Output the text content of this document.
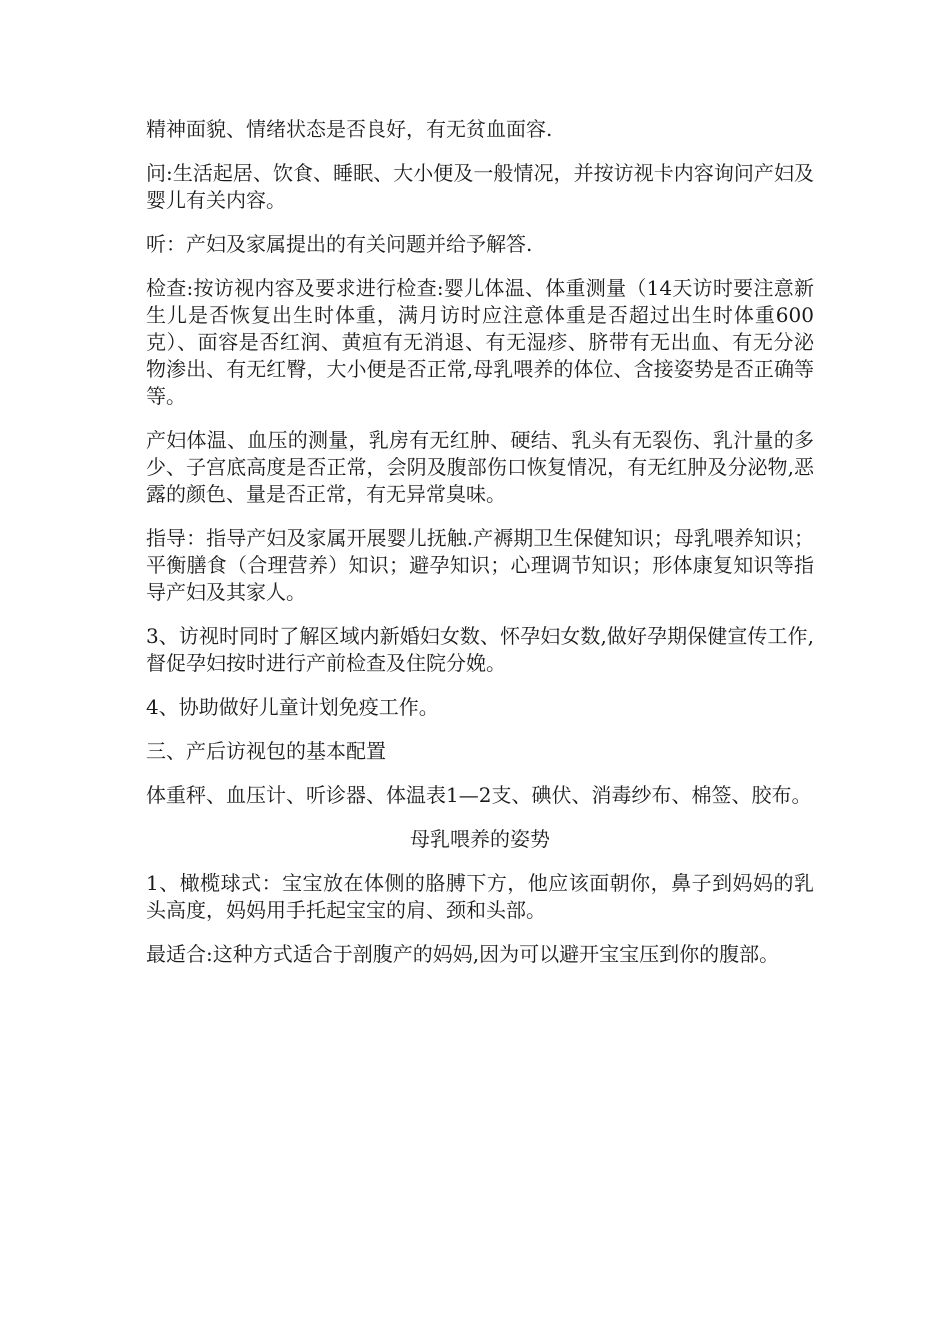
精神面貌、情绪状态是否良好，有无贫血面容.

问:生活起居、饮食、睡眠、大小便及一般情况，并按访视卡内容询问产妇及婴儿有关内容。

听：产妇及家属提出的有关问题并给予解答.

检查:按访视内容及要求进行检查:婴儿体温、体重测量（14天访时要注意新生儿是否恢复出生时体重，满月访时应注意体重是否超过出生时体重600克）、面容是否红润、黄疸有无消退、有无湿疹、脐带有无出血、有无分泌物渗出、有无红臀，大小便是否正常,母乳喂养的体位、含接姿势是否正确等等。

产妇体温、血压的测量，乳房有无红肿、硬结、乳头有无裂伤、乳汁量的多少、子宫底高度是否正常，会阴及腹部伤口恢复情况，有无红肿及分泌物,恶露的颜色、量是否正常，有无异常臭味。

指导：指导产妇及家属开展婴儿抚触.产褥期卫生保健知识；母乳喂养知识；平衡膳食（合理营养）知识；避孕知识；心理调节知识；形体康复知识等指导产妇及其家人。

3、访视时同时了解区域内新婚妇女数、怀孕妇女数,做好孕期保健宣传工作,督促孕妇按时进行产前检查及住院分娩。

4、协助做好儿童计划免疫工作。

三、产后访视包的基本配置

体重秤、血压计、听诊器、体温表1—2支、碘伏、消毒纱布、棉签、胶布。

母乳喂养的姿势

1、橄榄球式：宝宝放在体侧的胳膊下方，他应该面朝你，鼻子到妈妈的乳头高度，妈妈用手托起宝宝的肩、颈和头部。

最适合:这种方式适合于剖腹产的妈妈,因为可以避开宝宝压到你的腹部。
